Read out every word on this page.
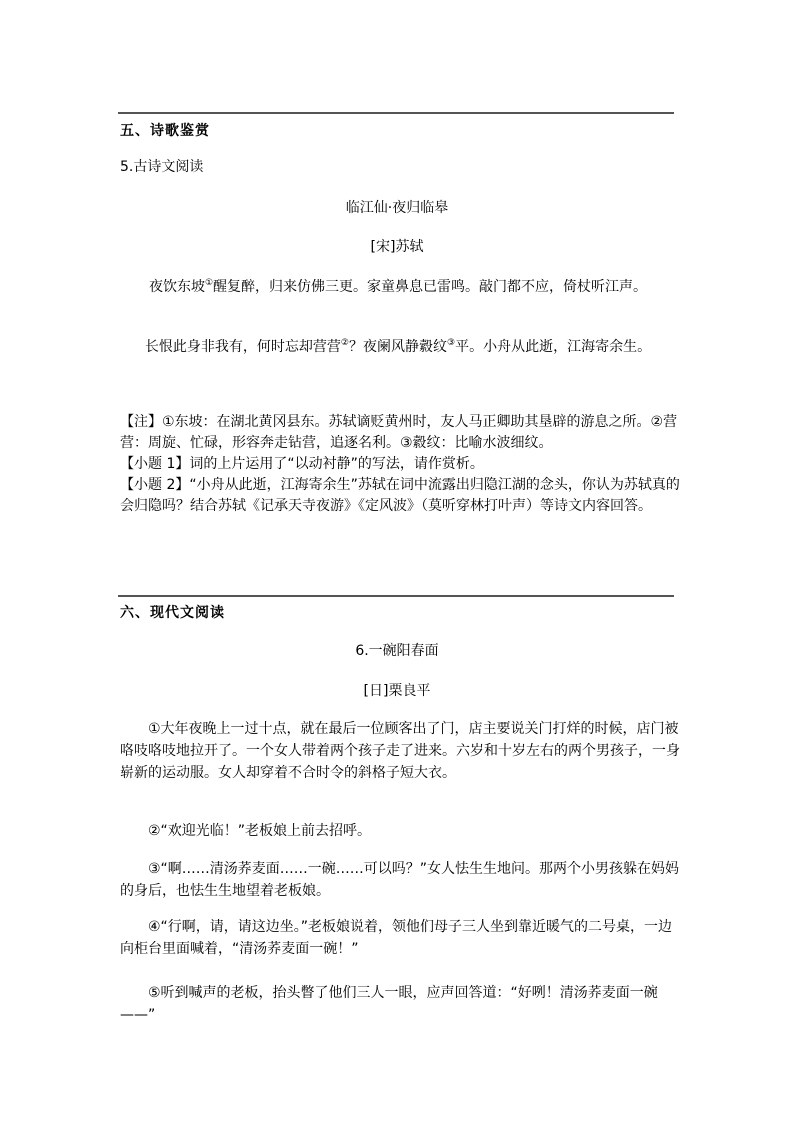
五、诗歌鉴赏
5.古诗文阅读
临江仙·夜归临皋
[宋]苏轼
夜饮东坡①醒复醉，归来仿佛三更。家童鼻息已雷鸣。敲门都不应，倚杖听江声。
长恨此身非我有，何时忘却营营②？夜阑风静縠纹③平。小舟从此逝，江海寄余生。
【注】①东坡：在湖北黄冈县东。苏轼谪贬黄州时，友人马正卿助其垦辟的游息之所。②营营：周旋、忙碌，形容奔走钻营，追逐名利。③縠纹：比喻水波细纹。
【小题 1】词的上片运用了“以动衬静”的写法，请作赏析。
【小题 2】“小舟从此逝，江海寄余生”苏轼在词中流露出归隐江湖的念头，你认为苏轼真的会归隐吗？结合苏轼《记承天寺夜游》《定风波》（莫听穿林打叶声）等诗文内容回答。
六、现代文阅读
6.一碗阳春面
[日]栗良平
①大年夜晚上一过十点，就在最后一位顾客出了门，店主要说关门打烊的时候，店门被咯吱咯吱地拉开了。一个女人带着两个孩子走了进来。六岁和十岁左右的两个男孩子，一身崭新的运动服。女人却穿着不合时令的斜格子短大衣。
②“欢迎光临！”老板娘上前去招呼。
③“啊……清汤荞麦面……一碗……可以吗？”女人怯生生地问。那两个小男孩躲在妈妈的身后，也怯生生地望着老板娘。
④“行啊，请，请这边坐。”老板娘说着，领他们母子三人坐到靠近暖气的二号桌，一边向柜台里面喊着，“清汤荞麦面一碗！”
⑤听到喊声的老板，抬头瞥了他们三人一眼，应声回答道：“好咧！清汤荞麦面一碗——”
